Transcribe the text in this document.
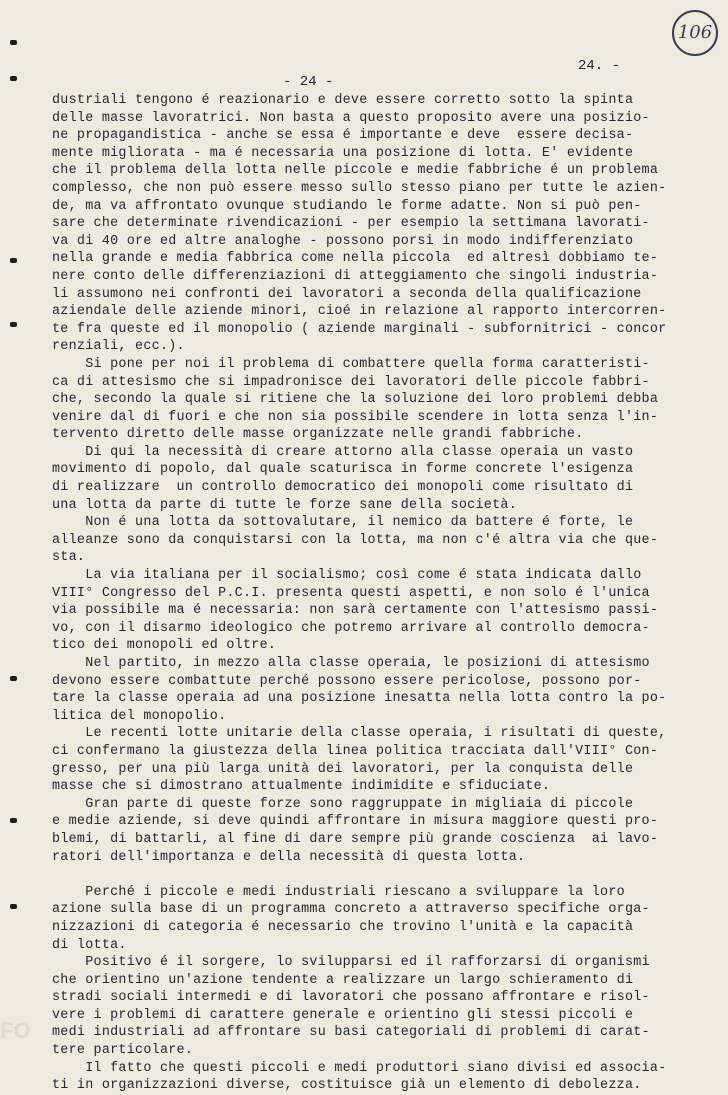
106
24. -
- 24 -

dustriali tengono é reazionario e deve essere corretto sotto la spinta

delle masse lavoratrici. Non basta a questo proposito avere una posizio-

ne propagandistica - anche se essa é importante e deve  essere decisa-

mente migliorata - ma é necessaria una posizione di lotta. E' evidente

che il problema della lotta nelle piccole e medie fabbriche é un problema

complesso, che non può essere messo sullo stesso piano per tutte le azien-

de, ma va affrontato ovunque studiando le forme adatte. Non si può pen-

sare che determinate rivendicazioni - per esempio la settimana lavorati-

va di 40 ore ed altre analoghe - possono porsi in modo indifferenziato

nella grande e media fabbrica come nella piccola  ed altresì dobbiamo te-

nere conto delle differenziazioni di atteggiamento che singoli industria-

li assumono nei confronti dei lavoratori a seconda della qualificazione

aziendale delle aziende minori, cioé in relazione al rapporto intercorren-

te fra queste ed il monopolio ( aziende marginali - subfornitrici - concor

renziali, ecc.).

Si pone per noi il problema di combattere quella forma caratteristi-

ca di attesismo che si impadronisce dei lavoratori delle piccole fabbri-

che, secondo la quale si ritiene che la soluzione dei loro problemi debba

venire dal di fuori e che non sia possibile scendere in lotta senza l'in-

tervento diretto delle masse organizzate nelle grandi fabbriche.

Di qui la necessità di creare attorno alla classe operaia un vasto

movimento di popolo, dal quale scaturisca in forme concrete l'esigenza

di realizzare  un controllo democratico dei monopoli come risultato di

una lotta da parte di tutte le forze sane della società.

Non é una lotta da sottovalutare, il nemico da battere é forte, le

alleanze sono da conquistarsi con la lotta, ma non c'é altra via che que-

sta.

La via italiana per il socialismo; così come é stata indicata dallo

VIII° Congresso del P.C.I. presenta questi aspetti, e non solo é l'unica

via possibile ma é necessaria: non sarà certamente con l'attesismo passi-

vo, con il disarmo ideologico che potremo arrivare al controllo democra-

tico dei monopoli ed oltre.

Nel partito, in mezzo alla classe operaia, le posizioni di attesismo

devono essere combattute perché possono essere pericolose, possono por-

tare la classe operaia ad una posizione inesatta nella lotta contro la po-

litica del monopolio.

Le recenti lotte unitarie della classe operaia, i risultati di queste,

ci confermano la giustezza della linea politica tracciata dall'VIII° Con-

gresso, per una più larga unità dei lavoratori, per la conquista delle

masse che si dimostrano attualmente indimidite e sfiduciate.

Gran parte di queste forze sono raggruppate in migliaia di piccole

e medie aziende, si deve quindi affrontare in misura maggiore questi pro-

blemi, di battarli, al fine di dare sempre più grande coscienza  ai lavo-

ratori dell'importanza e della necessità di questa lotta.

Perché i piccole e medi industriali riescano a sviluppare la loro

azione sulla base di un programma concreto a attraverso specifiche orga-

nizzazioni di categoria é necessario che trovino l'unità e la capacità

di lotta.

Positivo é il sorgere, lo svilupparsi ed il rafforzarsi di organismi

che orientino un'azione tendente a realizzare un largo schieramento di

stradi sociali intermedi e di lavoratori che possano affrontare e risol-

vere i problemi di carattere generale e orientino gli stessi piccoli e

medi industriali ad affrontare su basi categoriali di problemi di carat-

tere particolare.

Il fatto che questi piccoli e medi produttori siano divisi ed associa-

ti in organizzazioni diverse, costituisce già un elemento di debolezza.

FO
